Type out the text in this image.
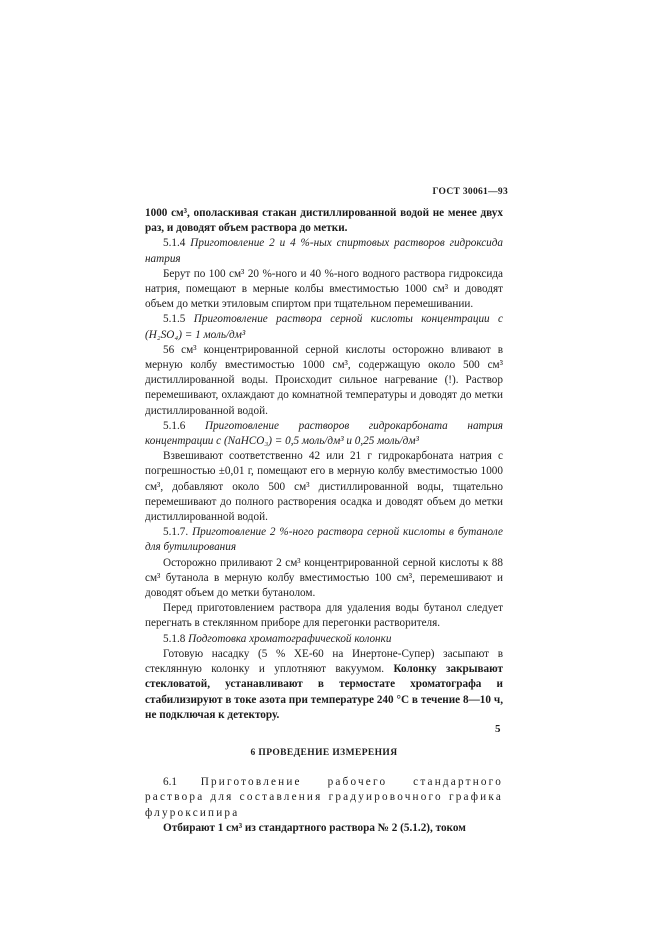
ГОСТ 30061—93

1000 см³, ополаскивая стакан дистиллированной водой не менее двух раз, и доводят объем раствора до метки.

5.1.4 Приготовление 2 и 4 %-ных спиртовых растворов гидроксида натрия

Берут по 100 см³ 20 %-ного и 40 %-ного водного раствора гидроксида натрия, помещают в мерные колбы вместимостью 1000 см³ и доводят объем до метки этиловым спиртом при тщательном перемешивании.

5.1.5 Приготовление раствора серной кислоты концентрации с (H₂SO₄) = 1 моль/дм³

56 см³ концентрированной серной кислоты осторожно вливают в мерную колбу вместимостью 1000 см³, содержащую около 500 см³ дистиллированной воды. Происходит сильное нагревание (!). Раствор перемешивают, охлаждают до комнатной температуры и доводят до метки дистиллированной водой.

5.1.6 Приготовление растворов гидрокарбоната натрия концентрации с (NaHCO₃) = 0,5 моль/дм³ и 0,25 моль/дм³

Взвешивают соответственно 42 или 21 г гидрокарбоната натрия с погрешностью ±0,01 г, помещают его в мерную колбу вместимостью 1000 см³, добавляют около 500 см³ дистиллированной воды, тщательно перемешивают до полного растворения осадка и доводят объем до метки дистиллированной водой.

5.1.7. Приготовление 2 %-ного раствора серной кислоты в бутаноле для бутилирования

Осторожно приливают 2 см³ концентрированной серной кислоты к 88 см³ бутанола в мерную колбу вместимостью 100 см³, перемешивают и доводят объем до метки бутанолом.

Перед приготовлением раствора для удаления воды бутанол следует перегнать в стеклянном приборе для перегонки растворителя.

5.1.8 Подготовка хроматографической колонки

Готовую насадку (5 % ХЕ-60 на Инертоне-Супер) засыпают в стеклянную колонку и уплотняют вакуумом. Колонку закрывают стекловатой, устанавливают в термостате хроматографа и стабилизируют в токе азота при температуре 240 °С в течение 8—10 ч, не подключая к детектору.

6 ПРОВЕДЕНИЕ ИЗМЕРЕНИЯ

6.1 Приготовление рабочего стандартного раствора для составления градуировочного графика флуроксипира

Отбирают 1 см³ из стандартного раствора № 2 (5.1.2), током

5
